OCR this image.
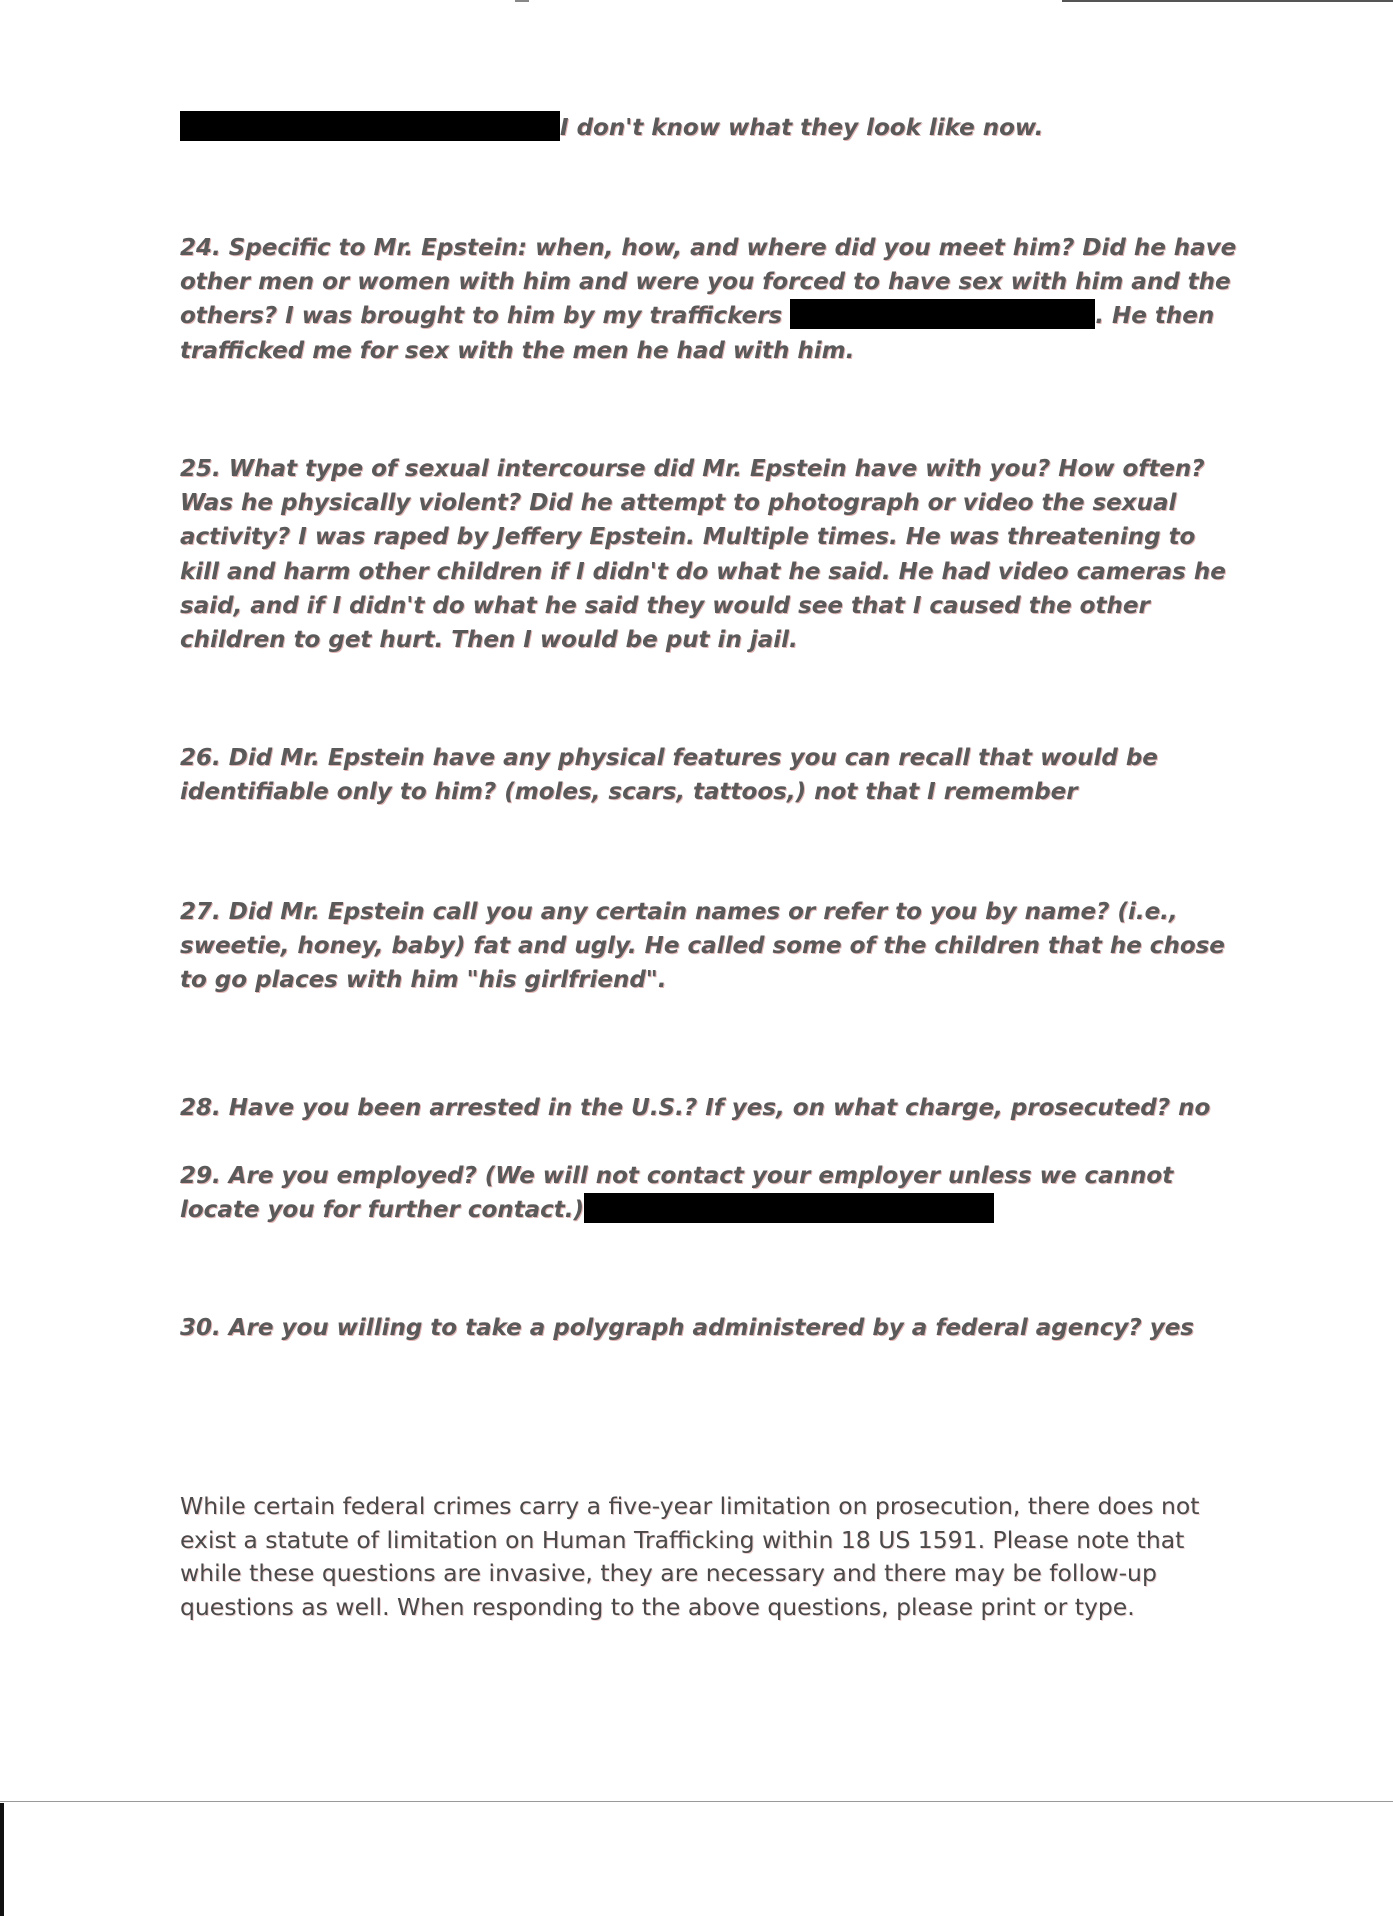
I don't know what they look like now.

24. Specific to Mr. Epstein: when, how, and where did you meet him? Did he have other men or women with him and were you forced to have sex with him and the others? I was brought to him by my traffickers	. He then trafficked me for sex with the men he had with him.

25. What type of sexual intercourse did Mr. Epstein have with you? How often? Was he physically violent? Did he attempt to photograph or video the sexual activity? I was raped by Jeffery Epstein. Multiple times. He was threatening to kill and harm other children if I didn't do what he said. He had video cameras he said, and if I didn't do what he said they would see that I caused the other children to get hurt. Then I would be put in jail.

26. Did Mr. Epstein have any physical features you can recall that would be identifiable only to him? (moles, scars, tattoos,) not that I remember

27. Did Mr. Epstein call you any certain names or refer to you by name? (i.e., sweetie, honey, baby) fat and ugly. He called some of the children that he chose to go places with him "his girlfriend".

28. Have you been arrested in the U.S.? If yes, on what charge, prosecuted? no

29. Are you employed? (We will not contact your employer unless we cannot locate you for further contact.)

30. Are you willing to take a polygraph administered by a federal agency? yes

While certain federal crimes carry a five-year limitation on prosecution, there does not exist a statute of limitation on Human Trafficking within 18 US 1591. Please note that while these questions are invasive, they are necessary and there may be follow-up questions as well. When responding to the above questions, please print or type.
